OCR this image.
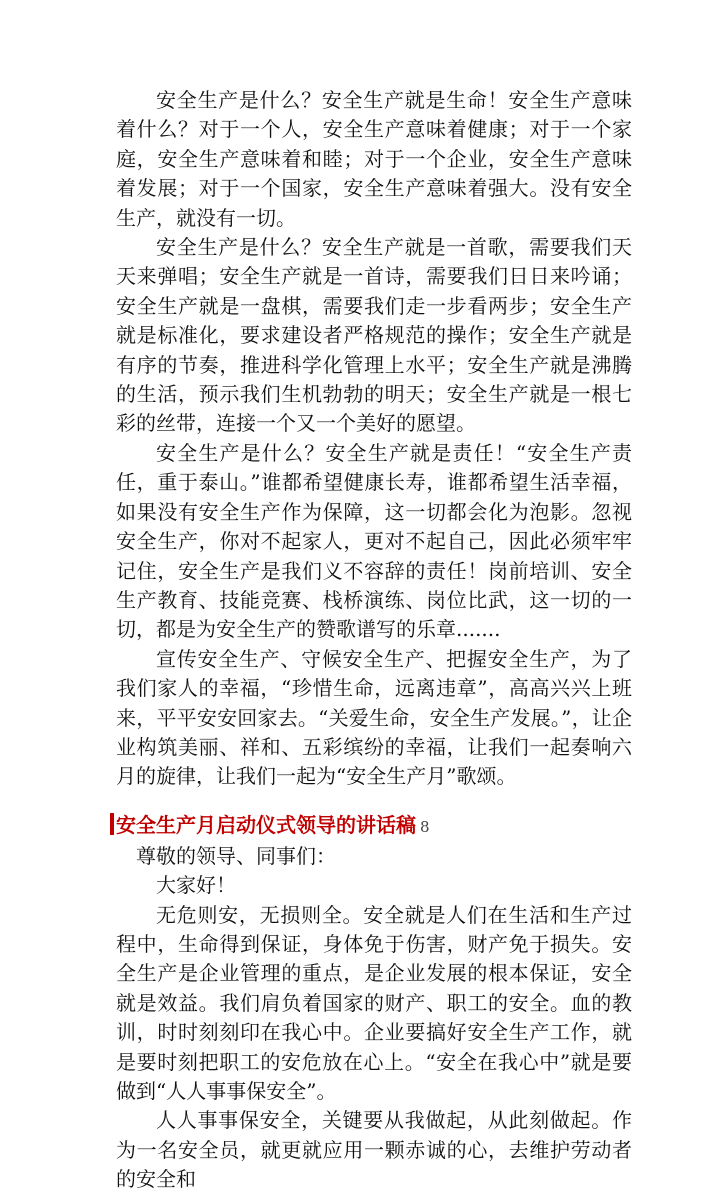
安全生产是什么？安全生产就是生命！安全生产意味着什么？对于一个人，安全生产意味着健康；对于一个家庭，安全生产意味着和睦；对于一个企业，安全生产意味着发展；对于一个国家，安全生产意味着强大。没有安全生产，就没有一切。

安全生产是什么？安全生产就是一首歌，需要我们天天来弹唱；安全生产就是一首诗，需要我们日日来吟诵；安全生产就是一盘棋，需要我们走一步看两步；安全生产就是标准化，要求建设者严格规范的操作；安全生产就是有序的节奏，推进科学化管理上水平；安全生产就是沸腾的生活，预示我们生机勃勃的明天；安全生产就是一根七彩的丝带，连接一个又一个美好的愿望。

安全生产是什么？安全生产就是责任！“安全生产责任，重于泰山。”谁都希望健康长寿，谁都希望生活幸福，如果没有安全生产作为保障，这一切都会化为泡影。忽视安全生产，你对不起家人，更对不起自己，因此必须牢牢记住，安全生产是我们义不容辞的责任！岗前培训、安全生产教育、技能竞赛、栈桥演练、岗位比武，这一切的一切，都是为安全生产的赞歌谱写的乐章.......

宣传安全生产、守候安全生产、把握安全生产，为了我们家人的幸福，“珍惜生命，远离违章”，高高兴兴上班来，平平安安回家去。“关爱生命，安全生产发展。”，让企业构筑美丽、祥和、五彩缤纷的幸福，让我们一起奏响六月的旋律，让我们一起为“安全生产月”歌颂。

安全生产月启动仪式领导的讲话稿 8

尊敬的领导、同事们：

大家好！

无危则安，无损则全。安全就是人们在生活和生产过程中，生命得到保证，身体免于伤害，财产免于损失。安全生产是企业管理的重点，是企业发展的根本保证，安全就是效益。我们肩负着国家的财产、职工的安全。血的教训，时时刻刻印在我心中。企业要搞好安全生产工作，就是要时刻把职工的安危放在心上。“安全在我心中”就是要做到“人人事事保安全”。

人人事事保安全，关键要从我做起，从此刻做起。作为一名安全员，就更就应用一颗赤诚的心，去维护劳动者的安全和
